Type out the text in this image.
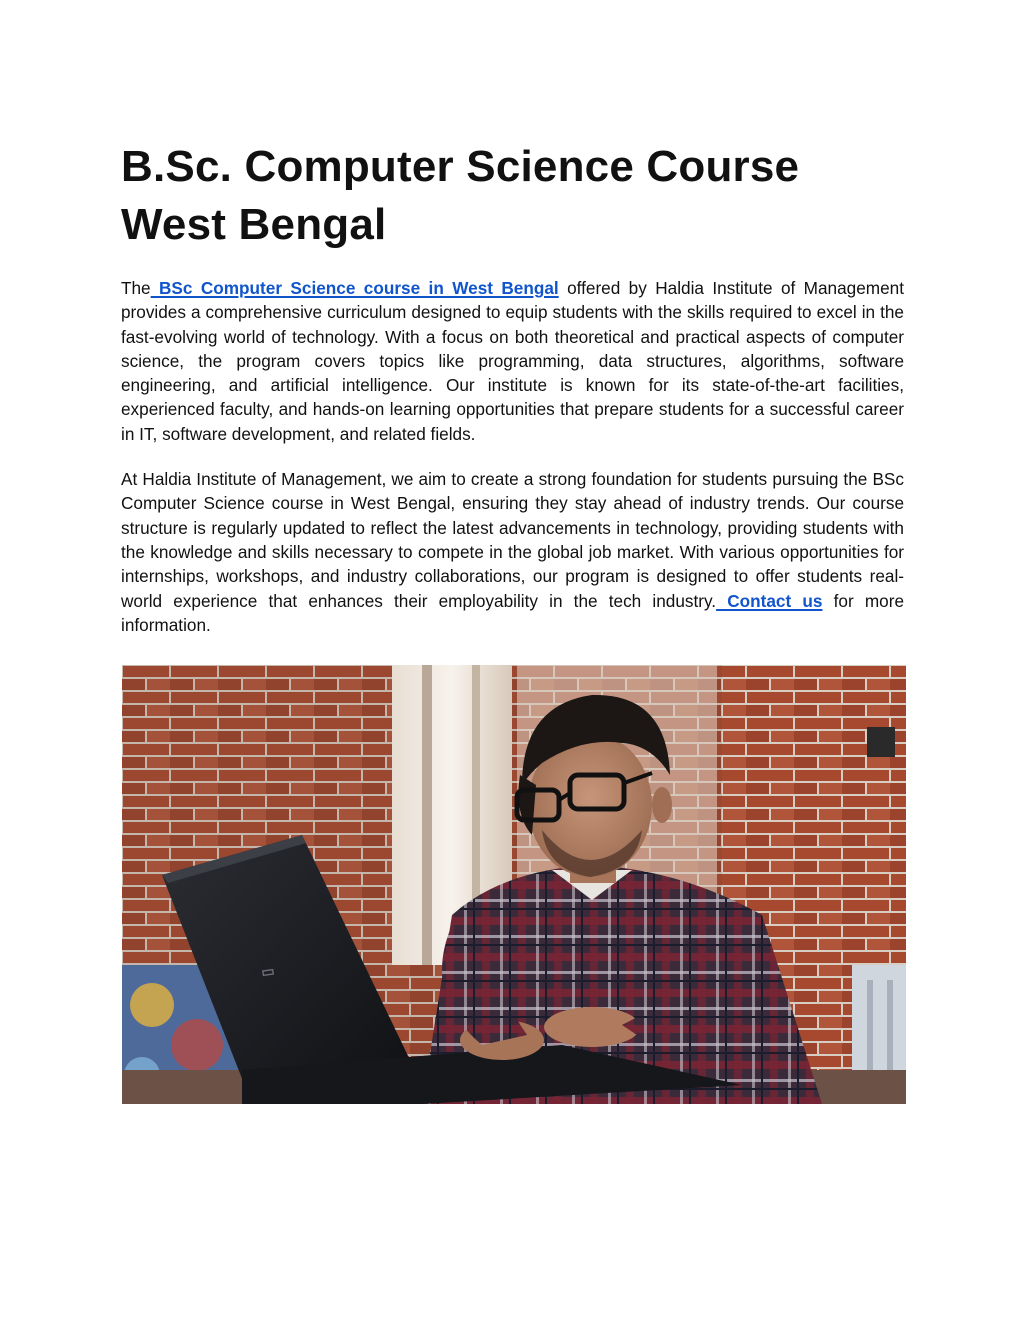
B.Sc. Computer Science Course West Bengal

The BSc Computer Science course in West Bengal offered by Haldia Institute of Management provides a comprehensive curriculum designed to equip students with the skills required to excel in the fast-evolving world of technology. With a focus on both theoretical and practical aspects of computer science, the program covers topics like programming, data structures, algorithms, software engineering, and artificial intelligence. Our institute is known for its state-of-the-art facilities, experienced faculty, and hands-on learning opportunities that prepare students for a successful career in IT, software development, and related fields.

At Haldia Institute of Management, we aim to create a strong foundation for students pursuing the BSc Computer Science course in West Bengal, ensuring they stay ahead of industry trends. Our course structure is regularly updated to reflect the latest advancements in technology, providing students with the knowledge and skills necessary to compete in the global job market. With various opportunities for internships, workshops, and industry collaborations, our program is designed to offer students real-world experience that enhances their employability in the tech industry. Contact us for more information.

▭
